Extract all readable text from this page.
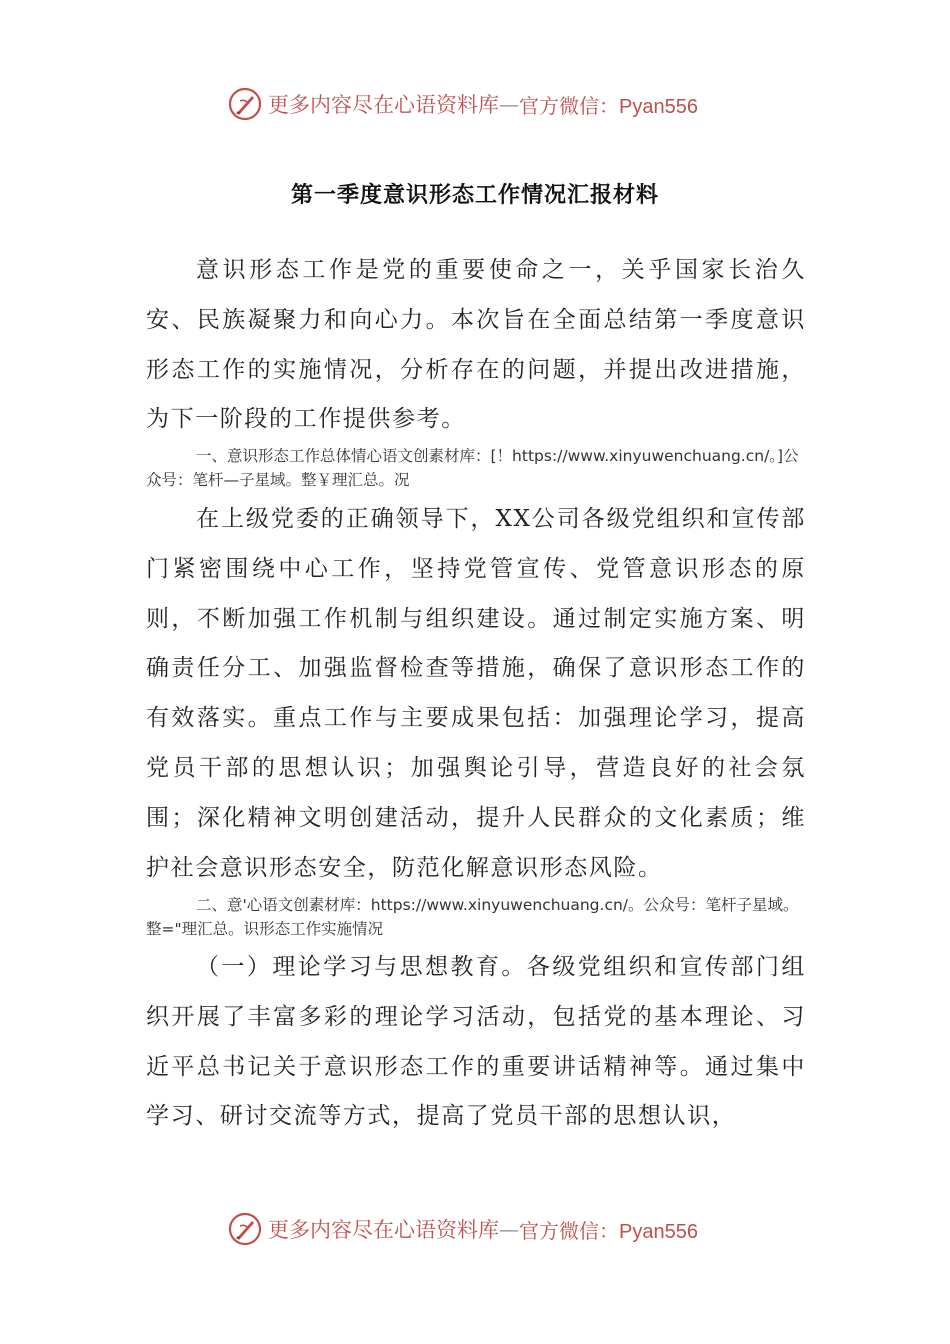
更多内容尽在心语资料库 — 官方微信：Pyan556
第一季度意识形态工作情况汇报材料

意识形态工作是党的重要使命之一，关乎国家长治久安、民族凝聚力和向心力。本次旨在全面总结第一季度意识形态工作的实施情况，分析存在的问题，并提出改进措施，为下一阶段的工作提供参考。

一、意识形态工作总体情心语文创素材库：[！https://www.xinyuwenchuang.cn/。]公众号：笔杆—子星域。整￥理汇总。况

在上级党委的正确领导下，XX公司各级党组织和宣传部门紧密围绕中心工作，坚持党管宣传、党管意识形态的原则，不断加强工作机制与组织建设。通过制定实施方案、明确责任分工、加强监督检查等措施，确保了意识形态工作的有效落实。重点工作与主要成果包括：加强理论学习，提高党员干部的思想认识；加强舆论引导，营造良好的社会氛围；深化精神文明创建活动，提升人民群众的文化素质；维护社会意识形态安全，防范化解意识形态风险。

二、意'心语文创素材库：https://www.xinyuwenchuang.cn/。公众号：笔杆子星域。整="理汇总。识形态工作实施情况

（一）理论学习与思想教育。各级党组织和宣传部门组织开展了丰富多彩的理论学习活动，包括党的基本理论、习近平总书记关于意识形态工作的重要讲话精神等。通过集中学习、研讨交流等方式，提高了党员干部的思想认识，

更多内容尽在心语资料库 — 官方微信：Pyan556
